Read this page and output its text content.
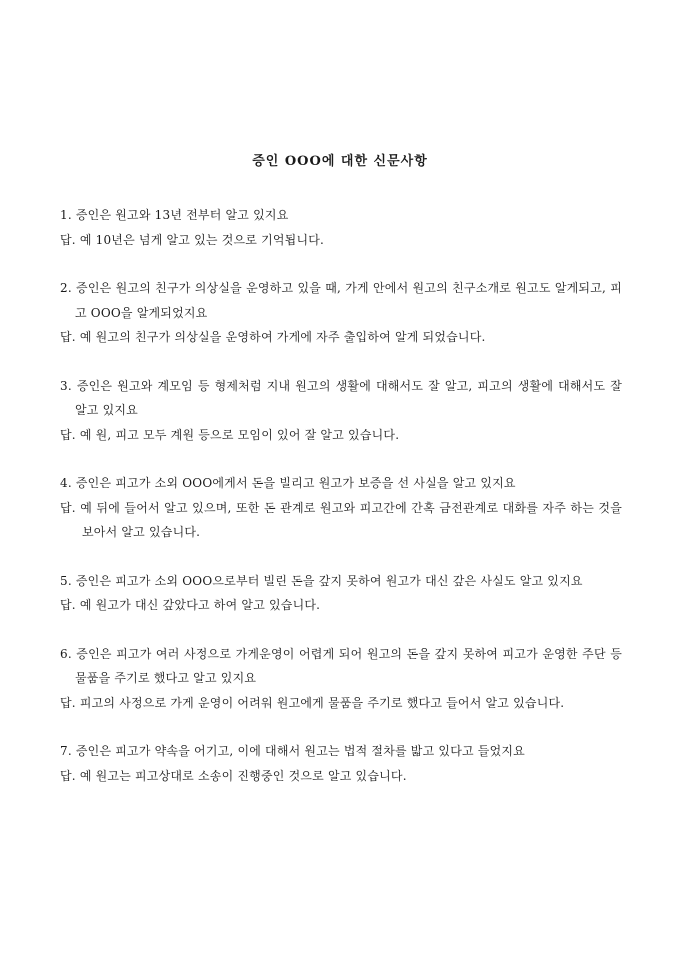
증인 OOO에 대한 신문사항

1. 증인은 원고와 13년 전부터 알고 있지요

답. 예 10년은 넘게 알고 있는 것으로 기억됩니다.

2. 증인은 원고의 친구가 의상실을 운영하고 있을 때, 가게 안에서 원고의 친구소개로 원고도 알게되고, 피고 OOO을 알게되었지요

답. 예 원고의 친구가 의상실을 운영하여 가게에 자주 출입하여 알게 되었습니다.

3. 증인은 원고와 계모임 등 형제처럼 지내 원고의 생활에 대해서도 잘 알고, 피고의 생활에 대해서도 잘 알고 있지요

답. 예 원, 피고 모두 계원 등으로 모임이 있어 잘 알고 있습니다.

4. 증인은 피고가 소외 OOO에게서 돈을 빌리고 원고가 보증을 선 사실을 알고 있지요

답. 예 뒤에 들어서 알고 있으며, 또한 돈 관계로 원고와 피고간에 간혹 금전관계로 대화를 자주 하는 것을 보아서 알고 있습니다.

5. 증인은 피고가 소외 OOO으로부터 빌린 돈을 갚지 못하여 원고가 대신 갚은 사실도 알고 있지요

답. 예 원고가 대신 갚았다고 하여 알고 있습니다.

6. 증인은 피고가 여러 사정으로 가게운영이 어렵게 되어 원고의 돈을 갚지 못하여 피고가 운영한 주단 등 물품을 주기로 했다고 알고 있지요

답. 피고의 사정으로 가게 운영이 어려워 원고에게 물품을 주기로 했다고 들어서 알고 있습니다.

7. 증인은 피고가 약속을 어기고, 이에 대해서 원고는 법적 절차를 밟고 있다고 들었지요

답. 예 원고는 피고상대로 소송이 진행중인 것으로 알고 있습니다.
